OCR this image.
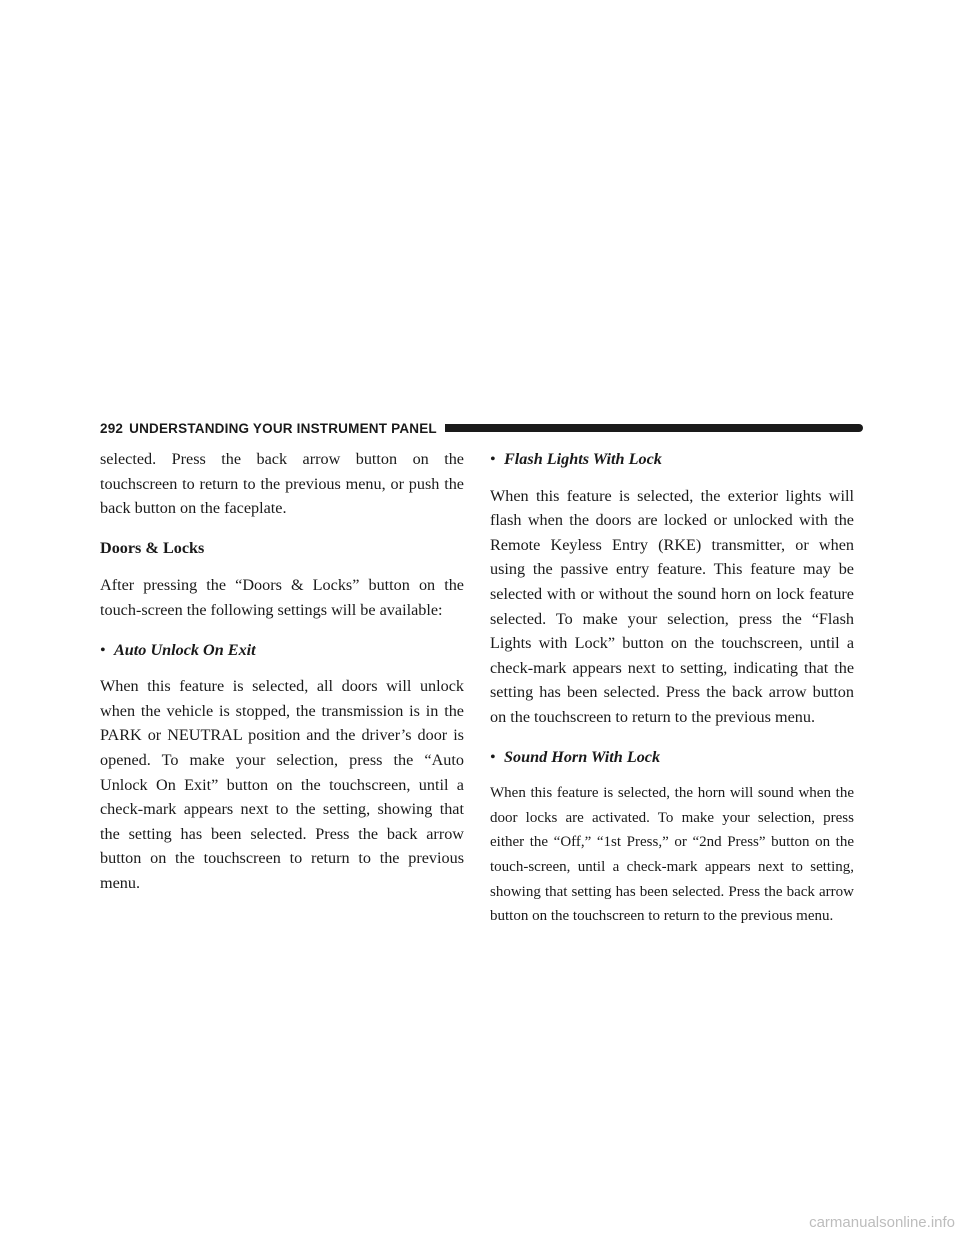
292 UNDERSTANDING YOUR INSTRUMENT PANEL

selected. Press the back arrow button on the touchscreen to return to the previous menu, or push the back button on the faceplate.

Doors & Locks

After pressing the “Doors & Locks” button on the touch-screen the following settings will be available:

• Auto Unlock On Exit

When this feature is selected, all doors will unlock when the vehicle is stopped, the transmission is in the PARK or NEUTRAL position and the driver’s door is opened. To make your selection, press the “Auto Unlock On Exit” button on the touchscreen, until a check-mark appears next to the setting, showing that the setting has been selected. Press the back arrow button on the touchscreen to return to the previous menu.

• Flash Lights With Lock

When this feature is selected, the exterior lights will flash when the doors are locked or unlocked with the Remote Keyless Entry (RKE) transmitter, or when using the passive entry feature. This feature may be selected with or without the sound horn on lock feature selected. To make your selection, press the “Flash Lights with Lock” button on the touchscreen, until a check-mark appears next to setting, indicating that the setting has been selected. Press the back arrow button on the touchscreen to return to the previous menu.

• Sound Horn With Lock

When this feature is selected, the horn will sound when the door locks are activated. To make your selection, press either the “Off,” “1st Press,” or “2nd Press” button on the touch-screen, until a check-mark appears next to setting, showing that setting has been selected. Press the back arrow button on the touchscreen to return to the previous menu.

carmanualsonline.info
